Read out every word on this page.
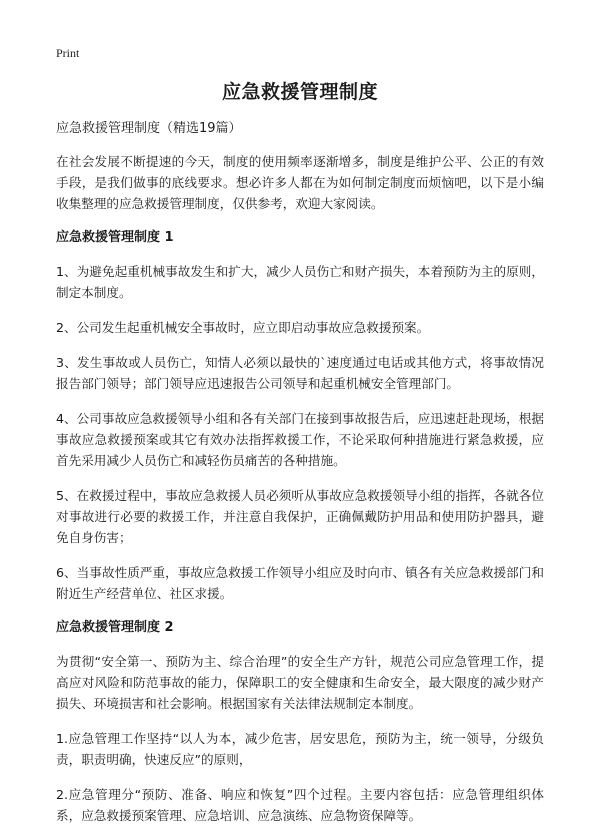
Print
应急救援管理制度
应急救援管理制度（精选19篇）

在社会发展不断提速的今天，制度的使用频率逐渐增多，制度是维护公平、公正的有效手段，是我们做事的底线要求。想必许多人都在为如何制定制度而烦恼吧，以下是小编收集整理的应急救援管理制度，仅供参考，欢迎大家阅读。

应急救援管理制度 1

1、为避免起重机械事故发生和扩大，减少人员伤亡和财产损失，本着预防为主的原则，制定本制度。

2、公司发生起重机械安全事故时，应立即启动事故应急救援预案。

3、发生事故或人员伤亡，知情人必须以最快的`速度通过电话或其他方式，将事故情况报告部门领导；部门领导应迅速报告公司领导和起重机械安全管理部门。

4、公司事故应急救援领导小组和各有关部门在接到事故报告后，应迅速赶赴现场，根据事故应急救援预案或其它有效办法指挥救援工作，不论采取何种措施进行紧急救援，应首先采用减少人员伤亡和减轻伤员痛苦的各种措施。

5、在救援过程中，事故应急救援人员必须听从事故应急救援领导小组的指挥，各就各位对事故进行必要的救援工作，并注意自我保护，正确佩戴防护用品和使用防护器具，避免自身伤害；

6、当事故性质严重，事故应急救援工作领导小组应及时向市、镇各有关应急救援部门和附近生产经营单位、社区求援。

应急救援管理制度 2

为贯彻“安全第一、预防为主、综合治理”的安全生产方针，规范公司应急管理工作，提高应对风险和防范事故的能力，保障职工的安全健康和生命安全，最大限度的减少财产损失、环境损害和社会影响。根据国家有关法律法规制定本制度。

1.应急管理工作坚持“以人为本，减少危害，居安思危，预防为主，统一领导，分级负责，职责明确，快速反应”的原则，

2.应急管理分“预防、准备、响应和恢复”四个过程。主要内容包括：应急管理组织体系，应急救援预案管理、应急培训、应急演练、应急物资保障等。
